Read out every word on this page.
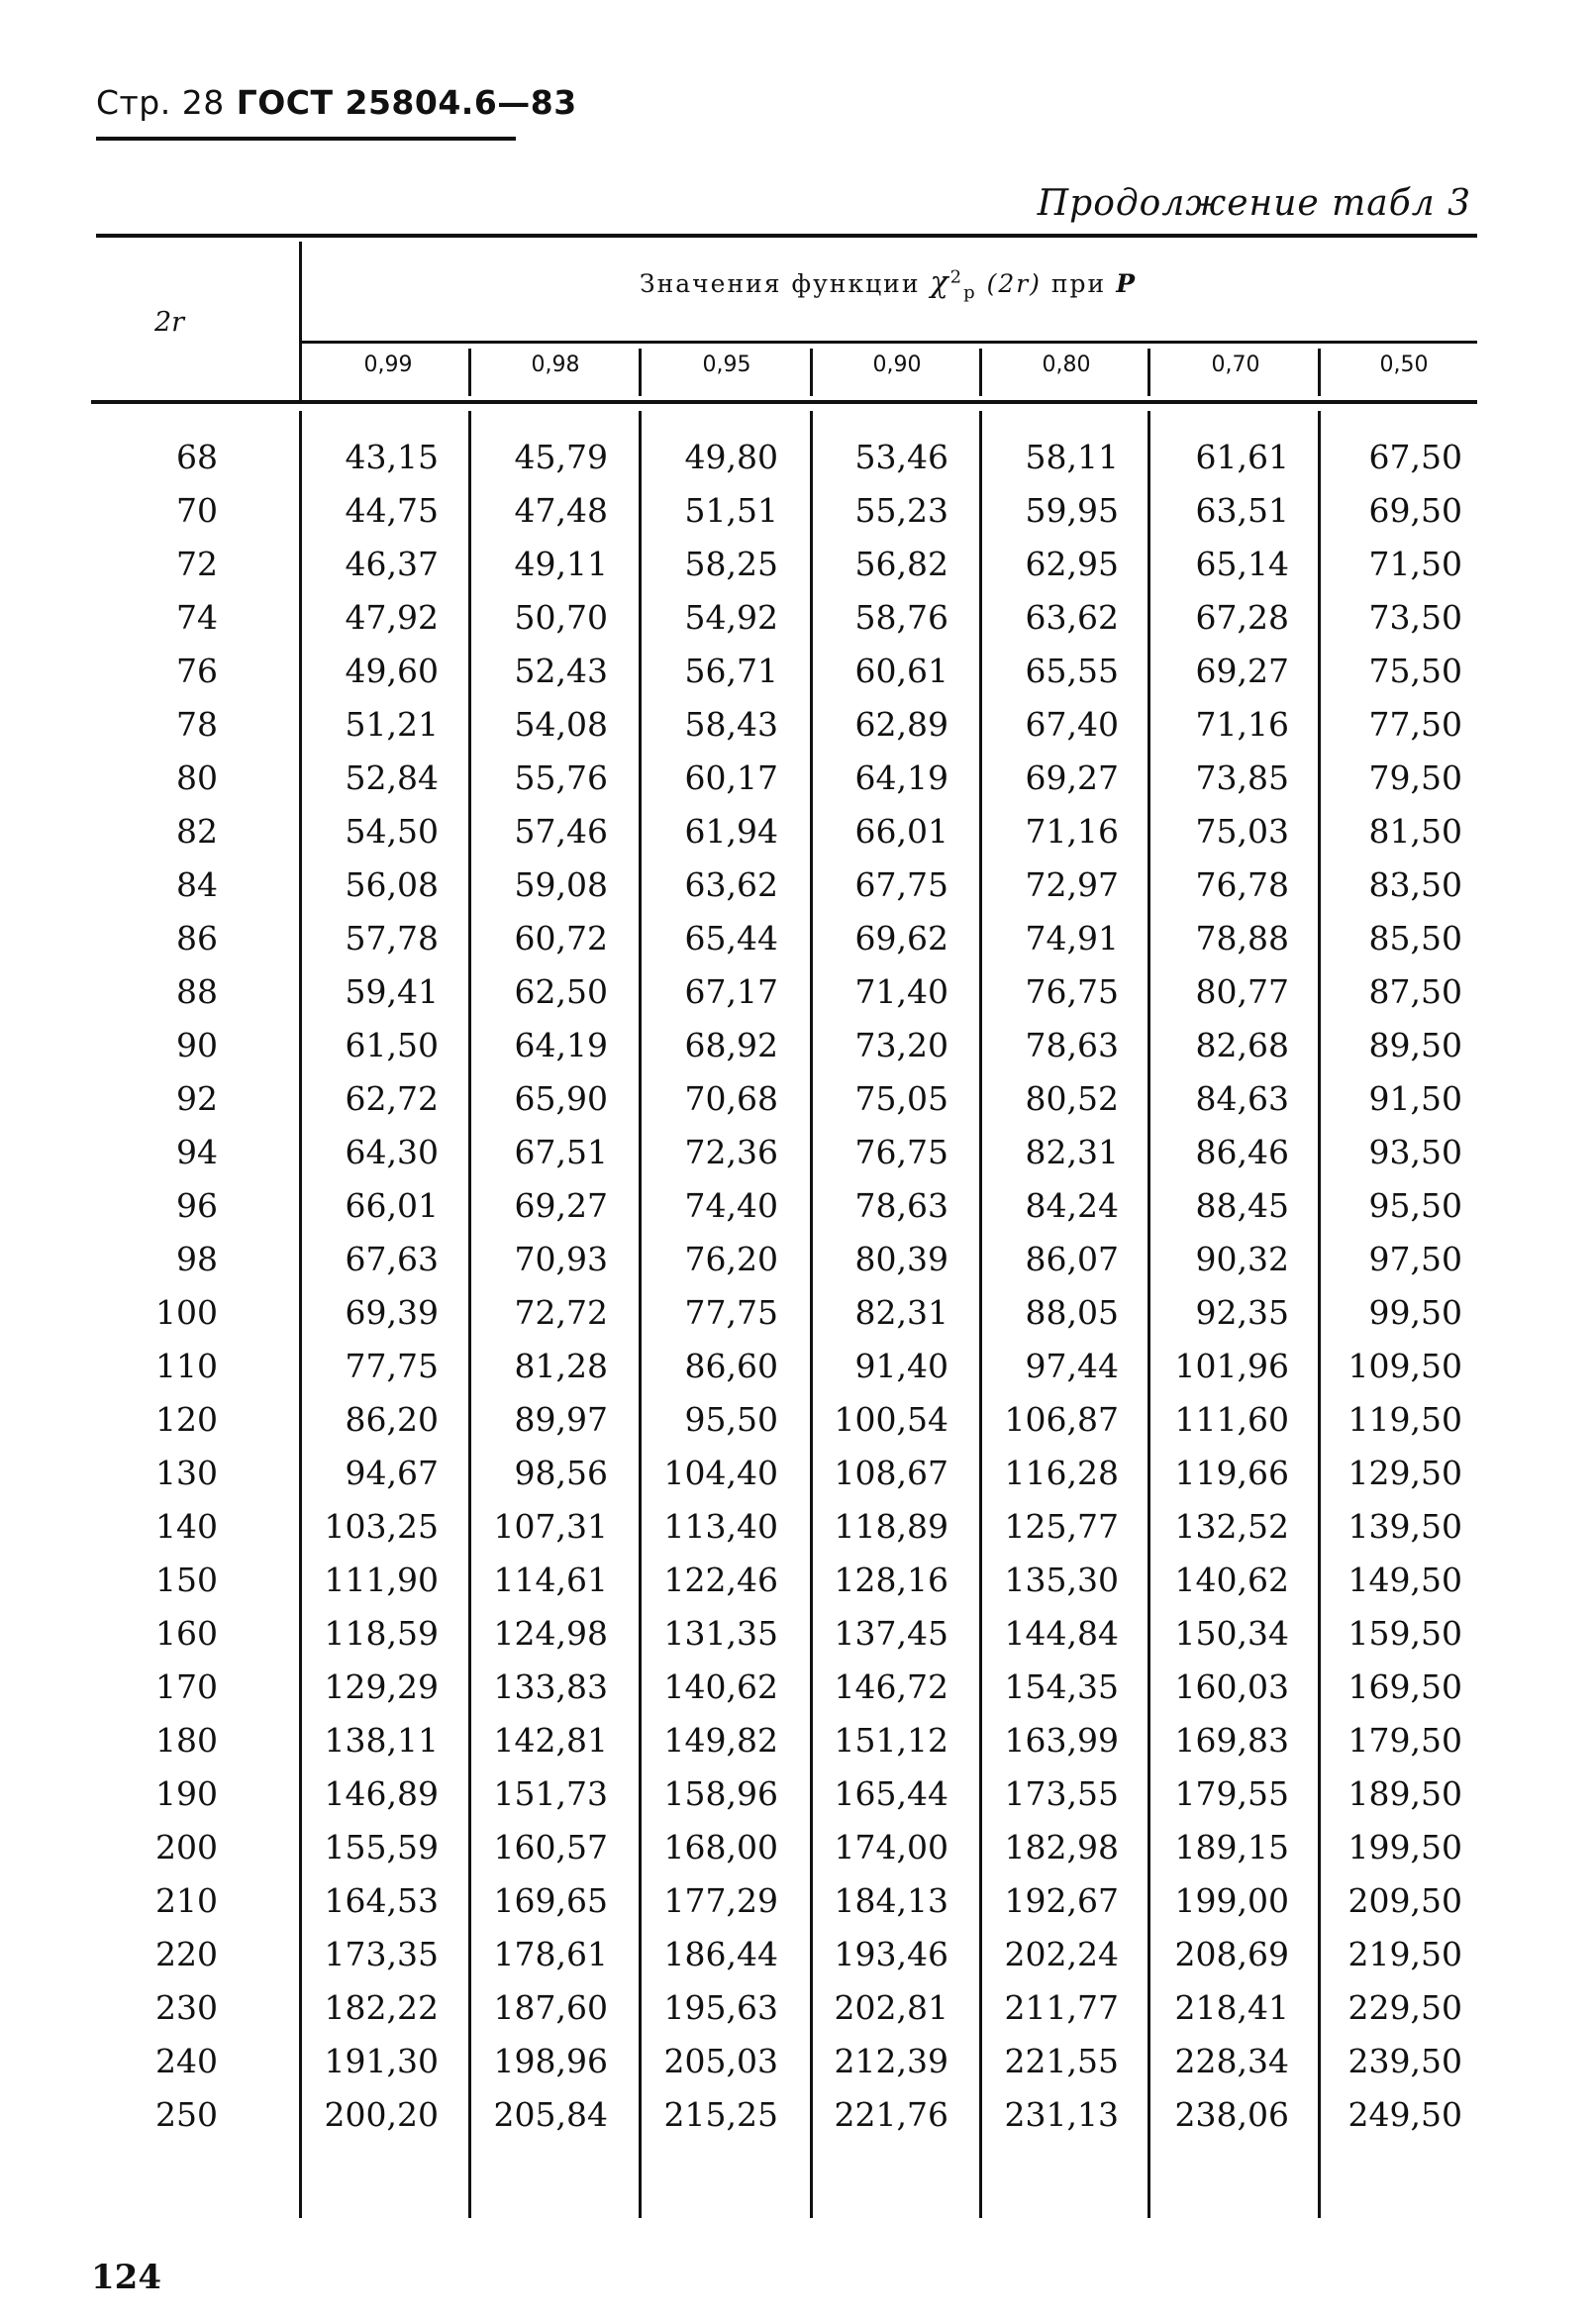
Стр. 28 ГОСТ 25804.6—83
Продолжение табл 3
Значения функции $\chi^2_p$ (2r) при P
2r
0,99	0,98	0,95	0,90	0,80	0,70	0,50
68	43,15	45,79	49,80	53,46	58,11	61,61	67,50
70	44,75	47,48	51,51	55,23	59,95	63,51	69,50
72	46,37	49,11	58,25	56,82	62,95	65,14	71,50
74	47,92	50,70	54,92	58,76	63,62	67,28	73,50
76	49,60	52,43	56,71	60,61	65,55	69,27	75,50
78	51,21	54,08	58,43	62,89	67,40	71,16	77,50
80	52,84	55,76	60,17	64,19	69,27	73,85	79,50
82	54,50	57,46	61,94	66,01	71,16	75,03	81,50
84	56,08	59,08	63,62	67,75	72,97	76,78	83,50
86	57,78	60,72	65,44	69,62	74,91	78,88	85,50
88	59,41	62,50	67,17	71,40	76,75	80,77	87,50
90	61,50	64,19	68,92	73,20	78,63	82,68	89,50
92	62,72	65,90	70,68	75,05	80,52	84,63	91,50
94	64,30	67,51	72,36	76,75	82,31	86,46	93,50
96	66,01	69,27	74,40	78,63	84,24	88,45	95,50
98	67,63	70,93	76,20	80,39	86,07	90,32	97,50
100	69,39	72,72	77,75	82,31	88,05	92,35	99,50
110	77,75	81,28	86,60	91,40	97,44	101,96	109,50
120	86,20	89,97	95,50	100,54	106,87	111,60	119,50
130	94,67	98,56	104,40	108,67	116,28	119,66	129,50
140	103,25	107,31	113,40	118,89	125,77	132,52	139,50
150	111,90	114,61	122,46	128,16	135,30	140,62	149,50
160	118,59	124,98	131,35	137,45	144,84	150,34	159,50
170	129,29	133,83	140,62	146,72	154,35	160,03	169,50
180	138,11	142,81	149,82	151,12	163,99	169,83	179,50
190	146,89	151,73	158,96	165,44	173,55	179,55	189,50
200	155,59	160,57	168,00	174,00	182,98	189,15	199,50
210	164,53	169,65	177,29	184,13	192,67	199,00	209,50
220	173,35	178,61	186,44	193,46	202,24	208,69	219,50
230	182,22	187,60	195,63	202,81	211,77	218,41	229,50
240	191,30	198,96	205,03	212,39	221,55	228,34	239,50
250	200,20	205,84	215,25	221,76	231,13	238,06	249,50
124
